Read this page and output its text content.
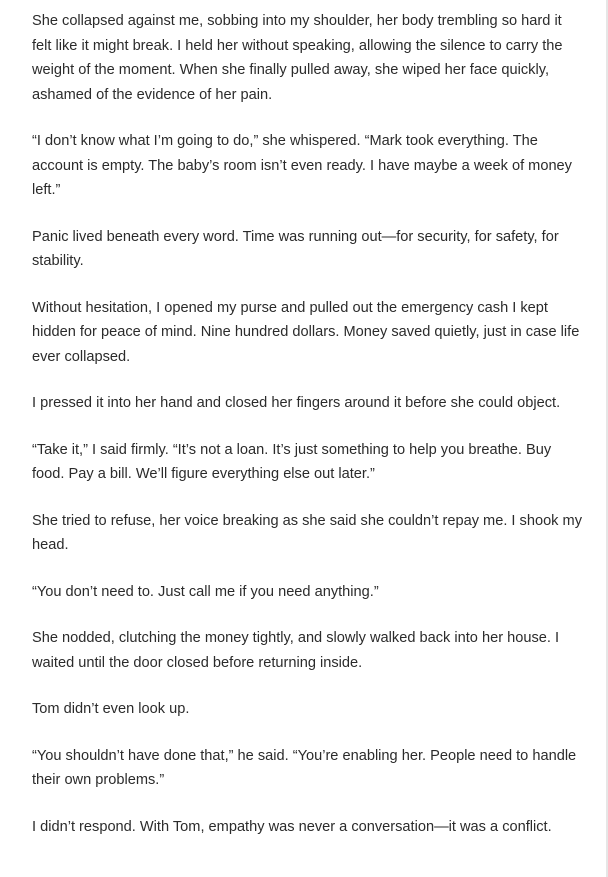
She collapsed against me, sobbing into my shoulder, her body trembling so hard it felt like it might break. I held her without speaking, allowing the silence to carry the weight of the moment. When she finally pulled away, she wiped her face quickly, ashamed of the evidence of her pain.

“I don’t know what I’m going to do,” she whispered. “Mark took everything. The account is empty. The baby’s room isn’t even ready. I have maybe a week of money left.”

Panic lived beneath every word. Time was running out—for security, for safety, for stability.

Without hesitation, I opened my purse and pulled out the emergency cash I kept hidden for peace of mind. Nine hundred dollars. Money saved quietly, just in case life ever collapsed.

I pressed it into her hand and closed her fingers around it before she could object.

“Take it,” I said firmly. “It’s not a loan. It’s just something to help you breathe. Buy food. Pay a bill. We’ll figure everything else out later.”

She tried to refuse, her voice breaking as she said she couldn’t repay me. I shook my head.

“You don’t need to. Just call me if you need anything.”

She nodded, clutching the money tightly, and slowly walked back into her house. I waited until the door closed before returning inside.

Tom didn’t even look up.

“You shouldn’t have done that,” he said. “You’re enabling her. People need to handle their own problems.”

I didn’t respond. With Tom, empathy was never a conversation—it was a conflict.
